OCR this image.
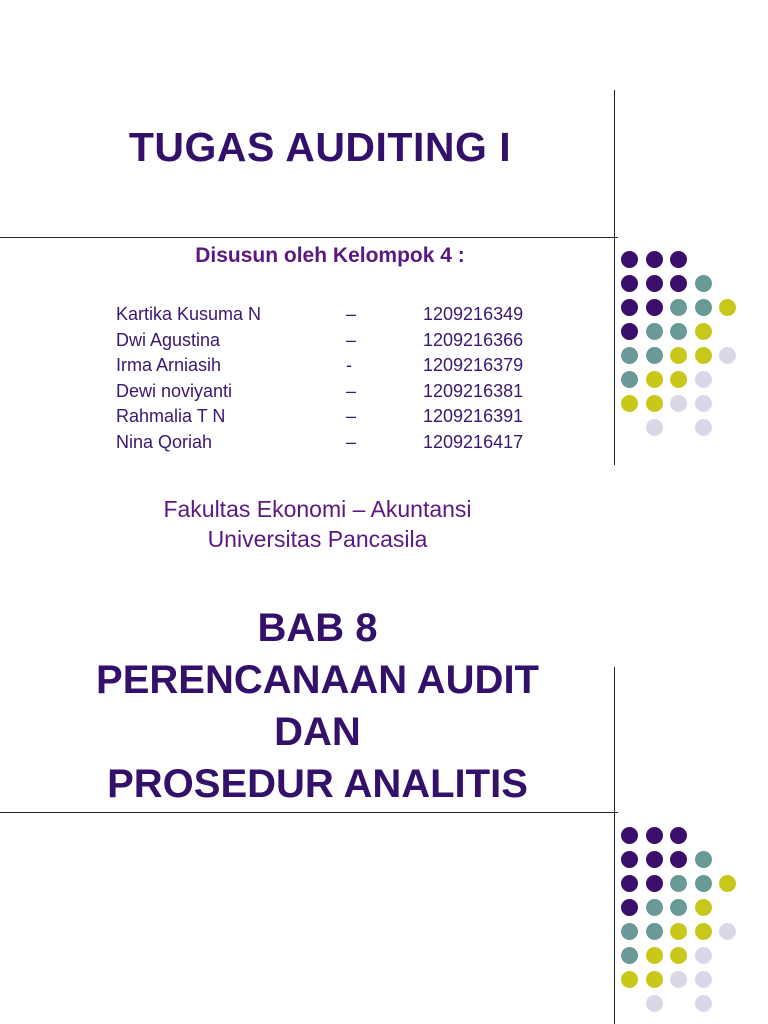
TUGAS AUDITING I
Disusun oleh Kelompok 4 :
Kartika Kusuma N	–	1209216349
Dwi Agustina	–	1209216366
Irma Arniasih	-	1209216379
Dewi noviyanti	–	1209216381
Rahmalia T N	–	1209216391
Nina Qoriah	–	1209216417
Fakultas Ekonomi – Akuntansi
Universitas Pancasila
BAB 8
PERENCANAAN AUDIT
DAN
PROSEDUR ANALITIS
